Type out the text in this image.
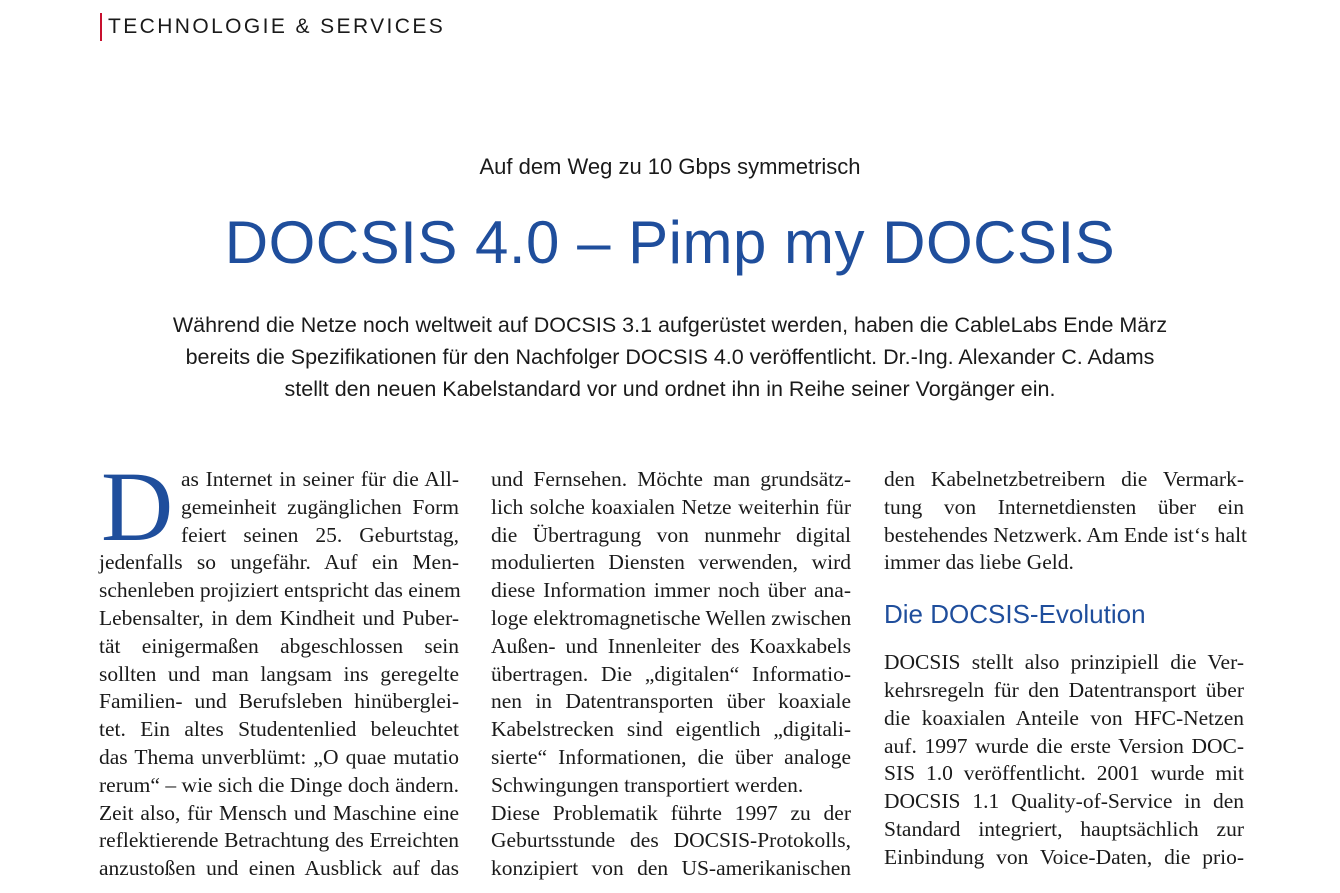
TECHNOLOGIE & SERVICES
Auf dem Weg zu 10 Gbps symmetrisch
DOCSIS 4.0 – Pimp my DOCSIS
Während die Netze noch weltweit auf DOCSIS 3.1 aufgerüstet werden, haben die CableLabs Ende März
bereits die Spezifikationen für den Nachfolger DOCSIS 4.0 veröffentlicht. Dr.-Ing. Alexander C. Adams
stellt den neuen Kabelstandard vor und ordnet ihn in Reihe seiner Vorgänger ein.
D as Internet in seiner für die All-
gemeinheit zugänglichen Form
feiert seinen 25. Geburtstag,
jedenfalls so ungefähr. Auf ein Men-
schenleben projiziert entspricht das einem
Lebensalter, in dem Kindheit und Puber-
tät einigermaßen abgeschlossen sein
sollten und man langsam ins geregelte
Familien- und Berufsleben hinüberglei-
tet. Ein altes Studentenlied beleuchtet
das Thema unverblümt: „O quae mutatio
rerum“ – wie sich die Dinge doch ändern.
Zeit also, für Mensch und Maschine eine
reflektierende Betrachtung des Erreichten
anzustoßen und einen Ausblick auf das
und Fernsehen. Möchte man grundsätz-
lich solche koaxialen Netze weiterhin für
die Übertragung von nunmehr digital
modulierten Diensten verwenden, wird
diese Information immer noch über ana-
loge elektromagnetische Wellen zwischen
Außen- und Innenleiter des Koaxkabels
übertragen. Die „digitalen“ Informatio-
nen in Datentransporten über koaxiale
Kabelstrecken sind eigentlich „digitali-
sierte“ Informationen, die über analoge
Schwingungen transportiert werden.
Diese Problematik führte 1997 zu der
Geburtsstunde des DOCSIS-Protokolls,
konzipiert von den US-amerikanischen
den Kabelnetzbetreibern die Vermark-
tung von Internetdiensten über ein
bestehendes Netzwerk. Am Ende ist‘s halt
immer das liebe Geld.
Die DOCSIS-Evolution
DOCSIS stellt also prinzipiell die Ver-
kehrsregeln für den Datentransport über
die koaxialen Anteile von HFC-Netzen
auf. 1997 wurde die erste Version DOC-
SIS 1.0 veröffentlicht. 2001 wurde mit
DOCSIS 1.1 Quality-of-Service in den
Standard integriert, hauptsächlich zur
Einbindung von Voice-Daten, die prio-
